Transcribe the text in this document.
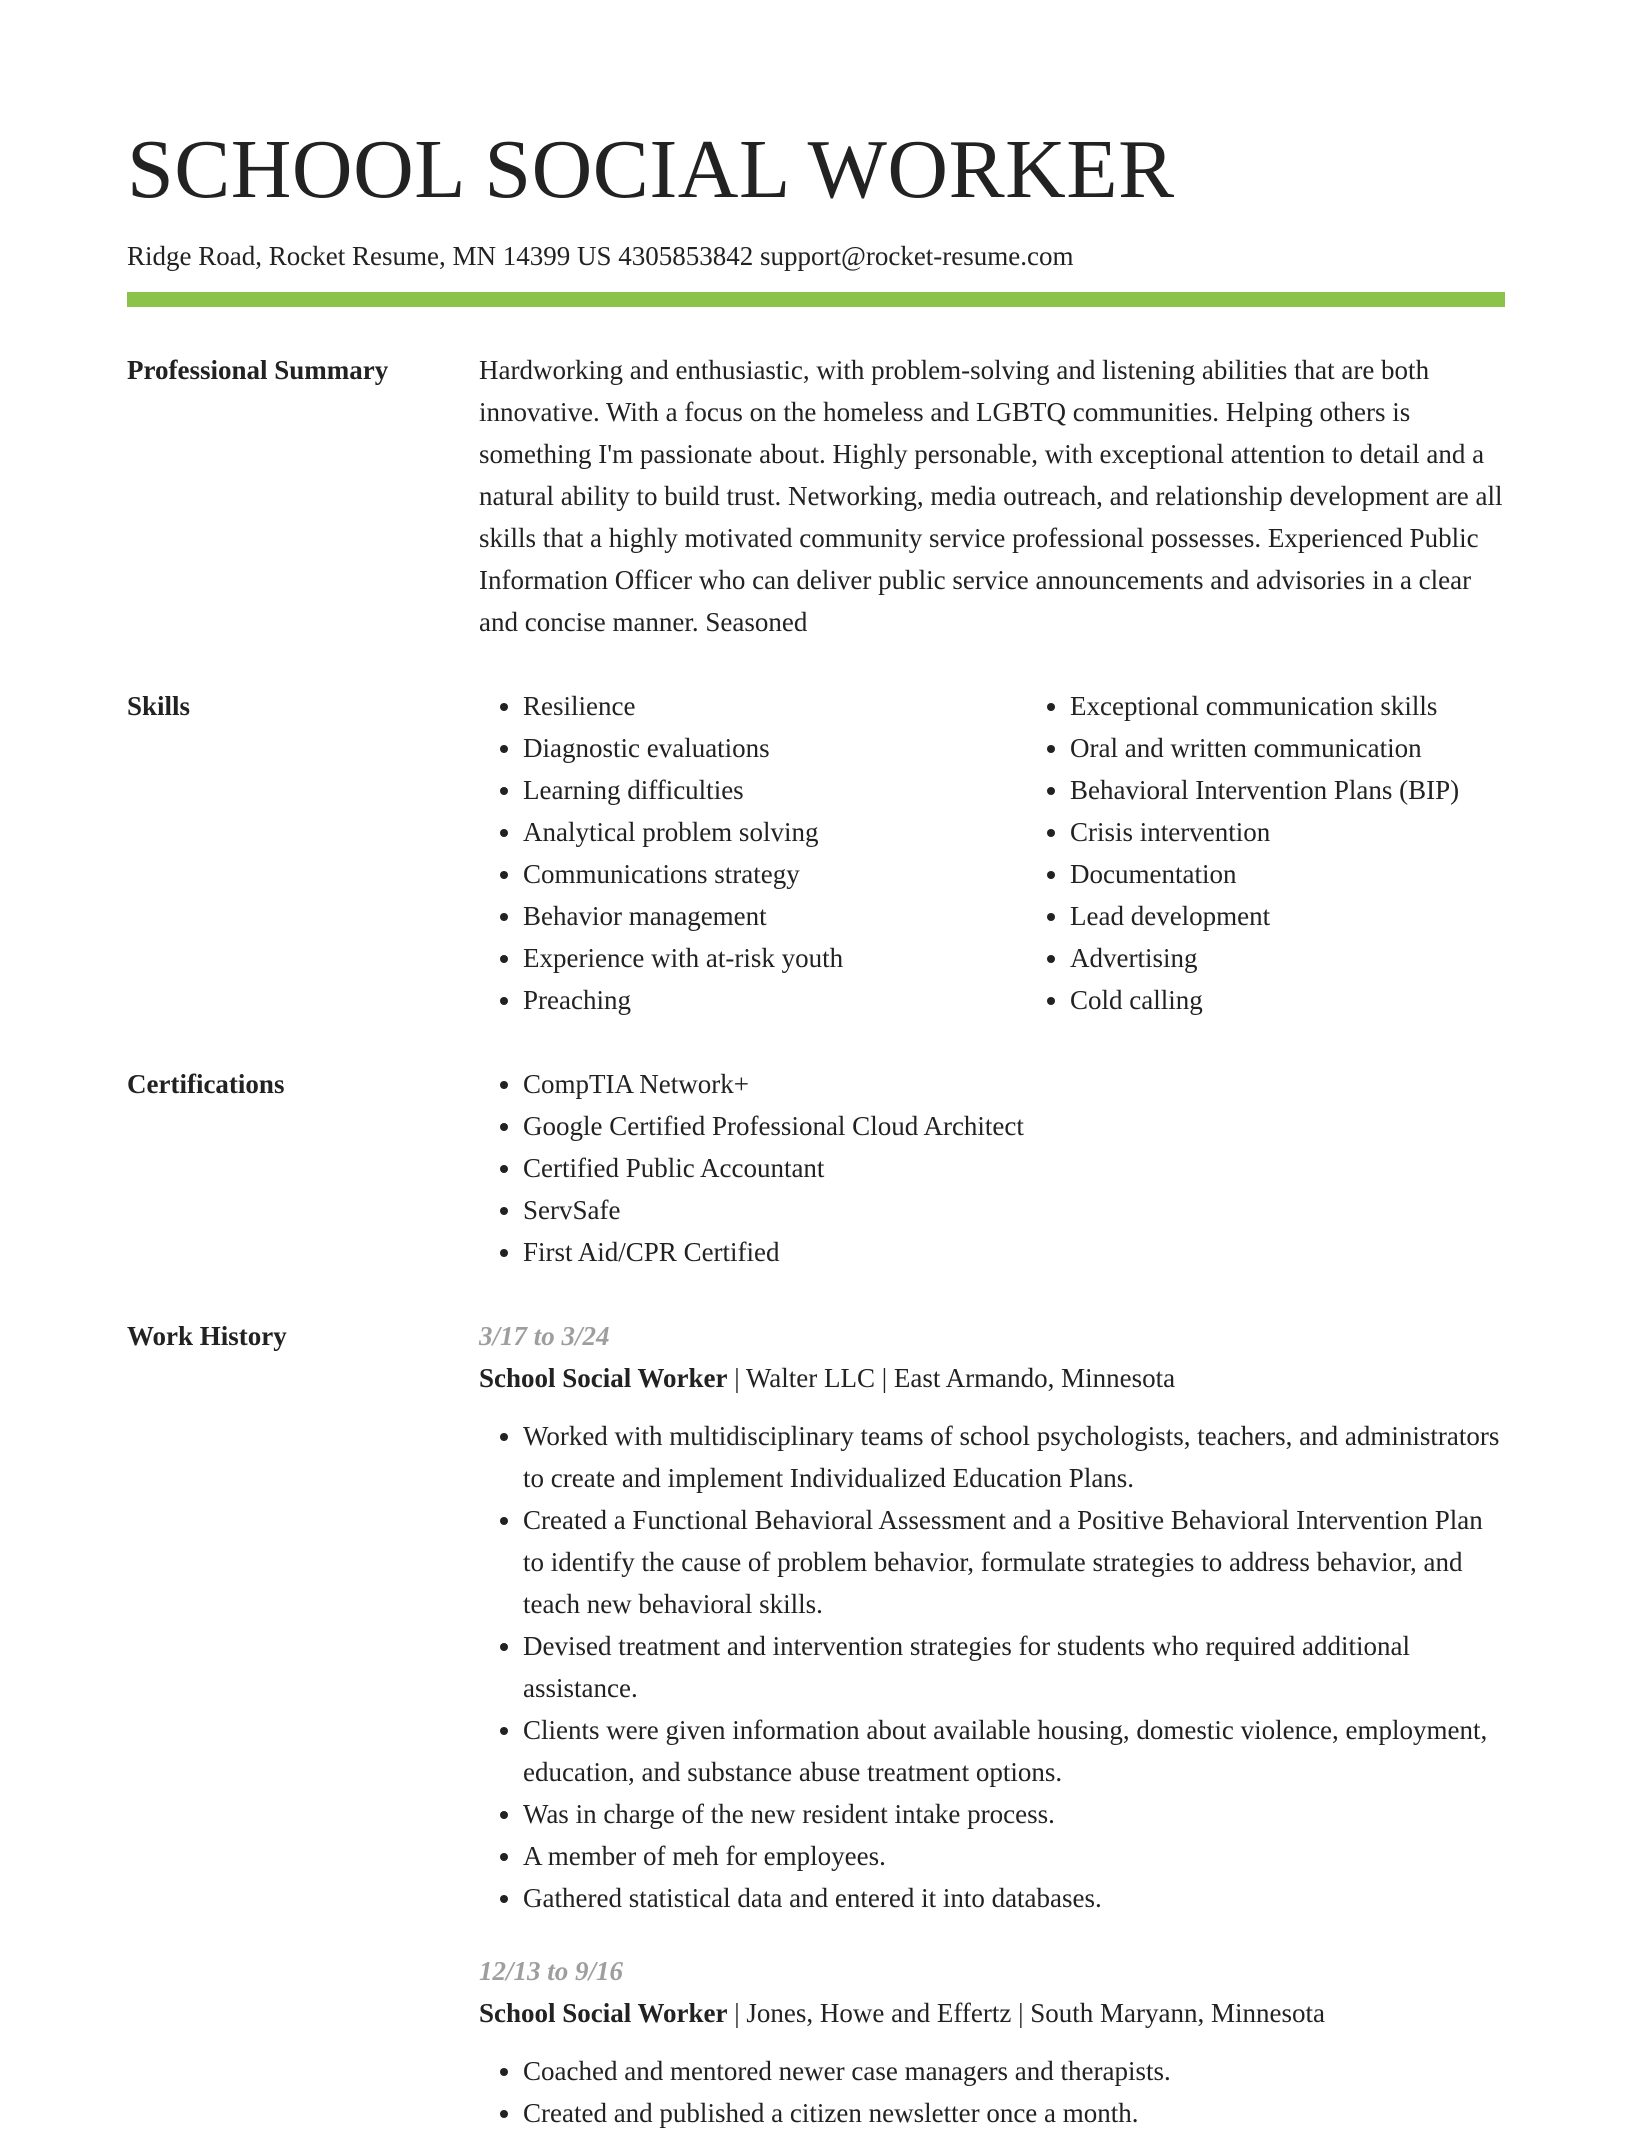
SCHOOL SOCIAL WORKER
Ridge Road, Rocket Resume, MN 14399 US 4305853842 support@rocket-resume.com
Professional Summary	Hardworking and enthusiastic, with problem-solving and listening abilities that are both innovative. With a focus on the homeless and LGBTQ communities. Helping others is something I'm passionate about. Highly personable, with exceptional attention to detail and a natural ability to build trust. Networking, media outreach, and relationship development are all skills that a highly motivated community service professional possesses. Experienced Public Information Officer who can deliver public service announcements and advisories in a clear and concise manner. Seasoned

Skills	• Resilience
• Diagnostic evaluations
• Learning difficulties
• Analytical problem solving
• Communications strategy
• Behavior management
• Experience with at-risk youth
• Preaching
• Exceptional communication skills
• Oral and written communication
• Behavioral Intervention Plans (BIP)
• Crisis intervention
• Documentation
• Lead development
• Advertising
• Cold calling
Certifications	• CompTIA Network+
• Google Certified Professional Cloud Architect
• Certified Public Accountant
• ServSafe
• First Aid/CPR Certified
Work History	3/17 to 3/24
School Social Worker | Walter LLC | East Armando, Minnesota
• Worked with multidisciplinary teams of school psychologists, teachers, and administrators to create and implement Individualized Education Plans.
• Created a Functional Behavioral Assessment and a Positive Behavioral Intervention Plan to identify the cause of problem behavior, formulate strategies to address behavior, and teach new behavioral skills.
• Devised treatment and intervention strategies for students who required additional assistance.
• Clients were given information about available housing, domestic violence, employment, education, and substance abuse treatment options.
• Was in charge of the new resident intake process.
• A member of meh for employees.
• Gathered statistical data and entered it into databases.
12/13 to 9/16
School Social Worker | Jones, Howe and Effertz | South Maryann, Minnesota
• Coached and mentored newer case managers and therapists.
• Created and published a citizen newsletter once a month.
